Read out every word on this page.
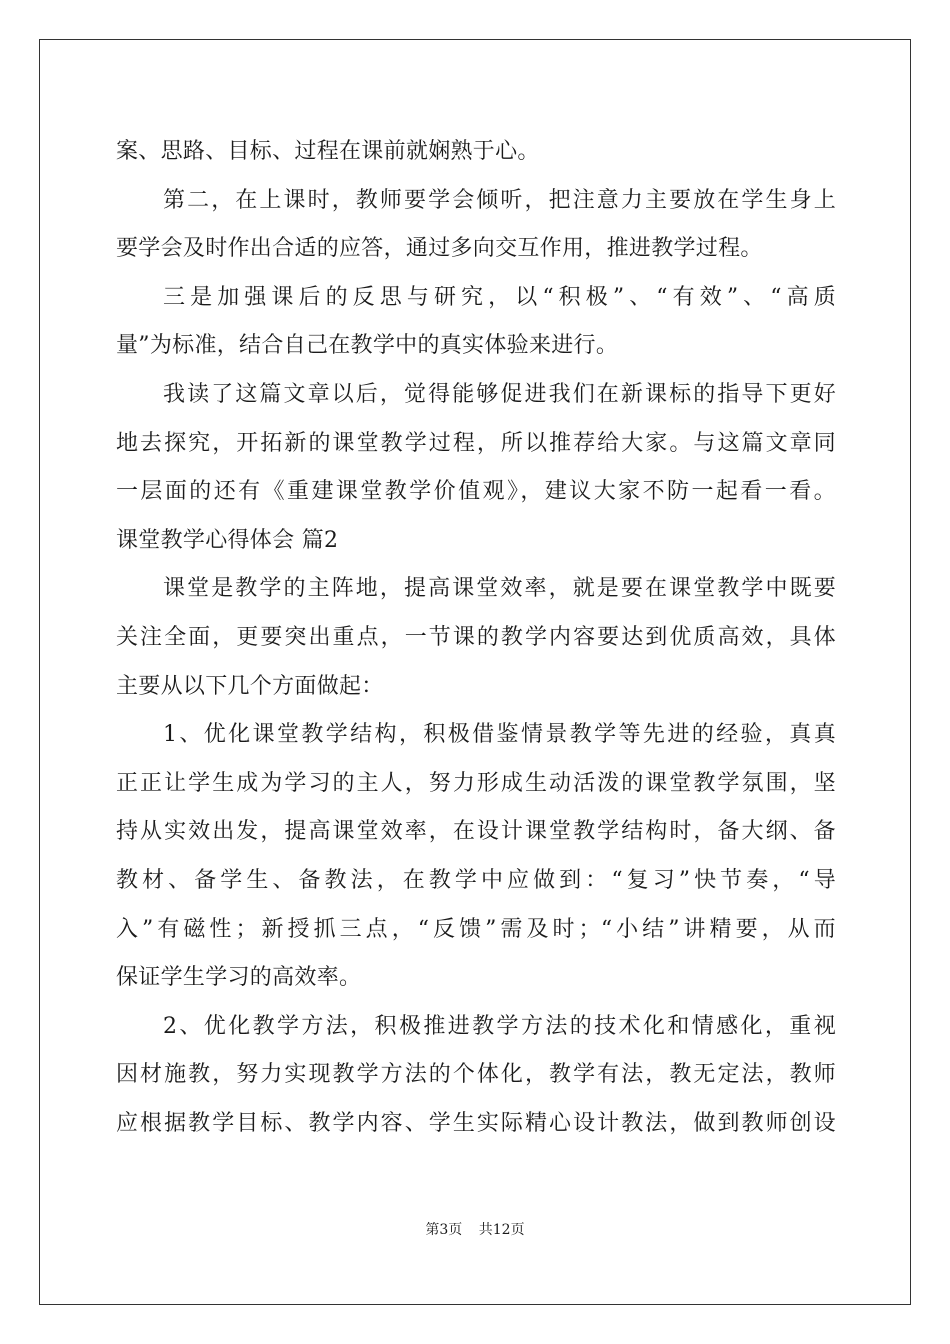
案、思路、目标、过程在课前就娴熟于心。
第二，在上课时，教师要学会倾听，把注意力主要放在学生身上
要学会及时作出合适的应答，通过多向交互作用，推进教学过程。
三是加强课后的反思与研究，以“积极”、“有效”、“高质
量”为标准，结合自己在教学中的真实体验来进行。
我读了这篇文章以后，觉得能够促进我们在新课标的指导下更好
地去探究，开拓新的课堂教学过程，所以推荐给大家。与这篇文章同
一层面的还有《重建课堂教学价值观》，建议大家不防一起看一看。
课堂教学心得体会 篇2
课堂是教学的主阵地，提高课堂效率，就是要在课堂教学中既要
关注全面，更要突出重点，一节课的教学内容要达到优质高效，具体
主要从以下几个方面做起：
1、优化课堂教学结构，积极借鉴情景教学等先进的经验，真真
正正让学生成为学习的主人，努力形成生动活泼的课堂教学氛围，坚
持从实效出发，提高课堂效率，在设计课堂教学结构时，备大纲、备
教材、备学生、备教法，在教学中应做到：“复习”快节奏，“导
入”有磁性；新授抓三点，“反馈”需及时；“小结”讲精要，从而
保证学生学习的高效率。
2、优化教学方法，积极推进教学方法的技术化和情感化，重视
因材施教，努力实现教学方法的个体化，教学有法，教无定法，教师
应根据教学目标、教学内容、学生实际精心设计教法，做到教师创设
第3页 共12页
